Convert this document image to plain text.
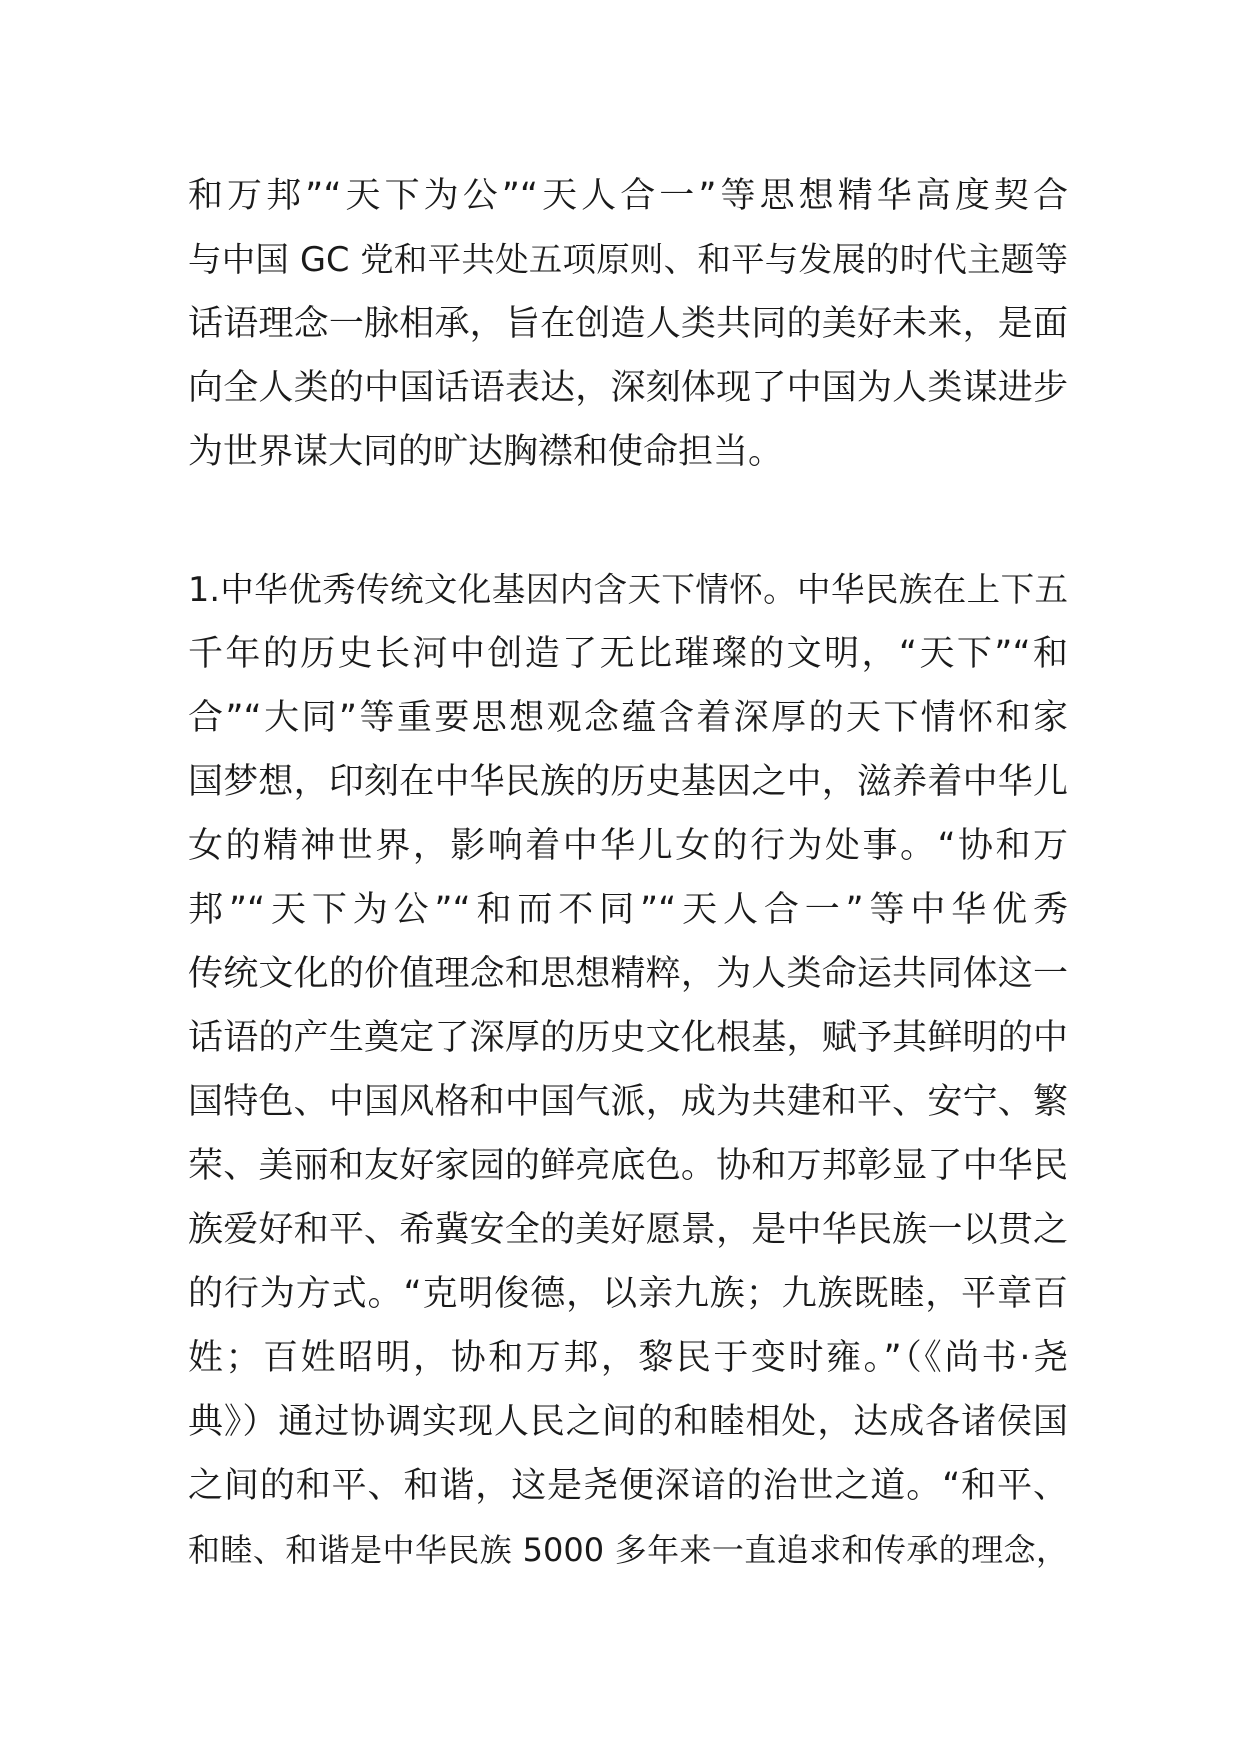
和万邦”“天下为公”“天人合一”等思想精华高度契合
与中国 GC 党和平共处五项原则、和平与发展的时代主题等
话语理念一脉相承，旨在创造人类共同的美好未来，是面
向全人类的中国话语表达，深刻体现了中国为人类谋进步
为世界谋大同的旷达胸襟和使命担当。
1.中华优秀传统文化基因内含天下情怀。中华民族在上下五
千年的历史长河中创造了无比璀璨的文明，“天下”“和
合”“大同”等重要思想观念蕴含着深厚的天下情怀和家
国梦想，印刻在中华民族的历史基因之中，滋养着中华儿
女的精神世界，影响着中华儿女的行为处事。“协和万
邦”“天下为公”“和而不同”“天人合一”等中华优秀
传统文化的价值理念和思想精粹，为人类命运共同体这一
话语的产生奠定了深厚的历史文化根基，赋予其鲜明的中
国特色、中国风格和中国气派，成为共建和平、安宁、繁
荣、美丽和友好家园的鲜亮底色。协和万邦彰显了中华民
族爱好和平、希冀安全的美好愿景，是中华民族一以贯之
的行为方式。“克明俊德，以亲九族；九族既睦，平章百
姓；百姓昭明，协和万邦，黎民于变时雍。”（《尚书·尧
典》）通过协调实现人民之间的和睦相处，达成各诸侯国
之间的和平、和谐，这是尧便深谙的治世之道。“和平、
和睦、和谐是中华民族 5000 多年来一直追求和传承的理念，
